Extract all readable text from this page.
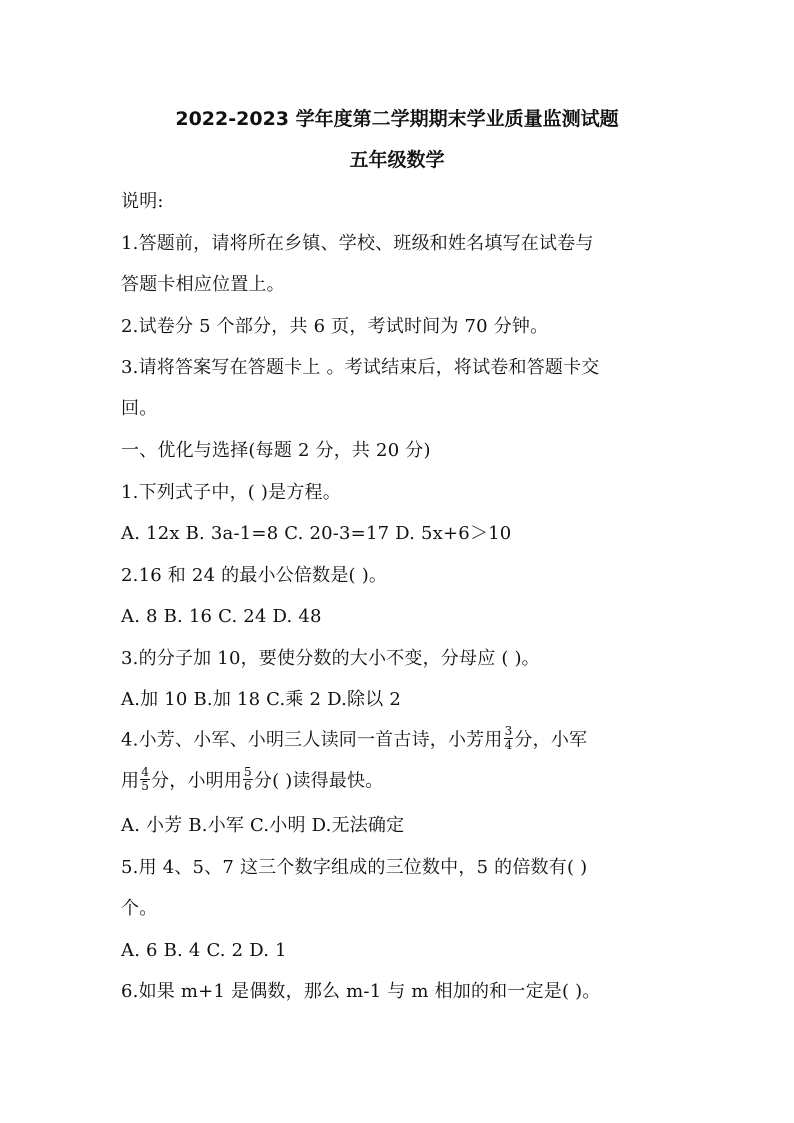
2022-2023 学年度第二学期期末学业质量监测试题
五年级数学
说明:
1.答题前，请将所在乡镇、学校、班级和姓名填写在试卷与
答题卡相应位置上。
2.试卷分 5 个部分，共 6 页，考试时间为 70 分钟。
3.请将答案写在答题卡上 。考试结束后，将试卷和答题卡交
回。
一、优化与选择(每题 2 分，共 20 分)
1.下列式子中，( )是方程。
A. 12x B. 3a-1=8 C. 20-3=17 D. 5x+6＞10
2.16 和 24 的最小公倍数是( )。
A. 8 B. 16 C. 24 D. 48
3.的分子加 10，要使分数的大小不变，分母应 ( )。
A.加 10 B.加 18 C.乘 2 D.除以 2
4.小芳、小军、小明三人读同一首古诗，小芳用 $\frac{3}{4}$ 分，小军
用 $\frac{4}{5}$ 分，小明用 $\frac{5}{6}$ 分( )读得最快。
A. 小芳 B.小军 C.小明 D.无法确定
5.用 4、5、7 这三个数字组成的三位数中，5 的倍数有( )
个。
A. 6 B. 4 C. 2 D. 1
6.如果 m+1 是偶数，那么 m-1 与 m 相加的和一定是( )。
